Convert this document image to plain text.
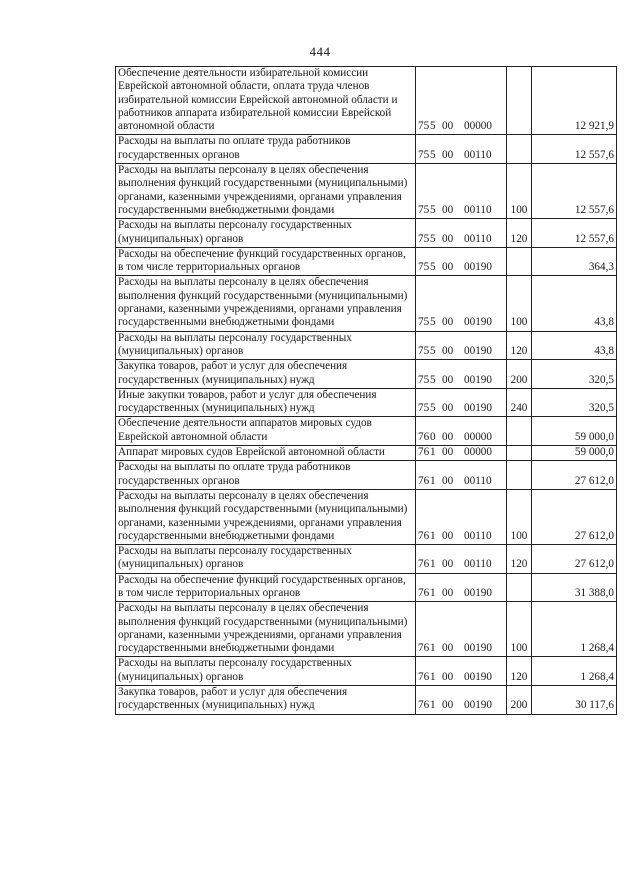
444
Обеспечение деятельности избирательной комиссии Еврейской автономной области, оплата труда членов избирательной комиссии Еврейской автономной области и работников аппарата избирательной комиссии Еврейской автономной области	755 00 00000		12 921,9
Расходы на выплаты по оплате труда работников государственных органов	755 00 00110		12 557,6
Расходы на выплаты персоналу в целях обеспечения выполнения функций государственными (муниципальными) органами, казенными учреждениями, органами управления государственными внебюджетными фондами	755 00 00110	100	12 557,6
Расходы на выплаты персоналу государственных (муниципальных) органов	755 00 00110	120	12 557,6
Расходы на обеспечение функций государственных органов, в том числе территориальных органов	755 00 00190		364,3
Расходы на выплаты персоналу в целях обеспечения выполнения функций государственными (муниципальными) органами, казенными учреждениями, органами управления государственными внебюджетными фондами	755 00 00190	100	43,8
Расходы на выплаты персоналу государственных (муниципальных) органов	755 00 00190	120	43,8
Закупка товаров, работ и услуг для обеспечения государственных (муниципальных) нужд	755 00 00190	200	320,5
Иные закупки товаров, работ и услуг для обеспечения государственных (муниципальных) нужд	755 00 00190	240	320,5
Обеспечение деятельности аппаратов мировых судов Еврейской автономной области	760 00 00000		59 000,0
Аппарат мировых судов Еврейской автономной области	761 00 00000		59 000,0
Расходы на выплаты по оплате труда работников государственных органов	761 00 00110		27 612,0
Расходы на выплаты персоналу в целях обеспечения выполнения функций государственными (муниципальными) органами, казенными учреждениями, органами управления государственными внебюджетными фондами	761 00 00110	100	27 612,0
Расходы на выплаты персоналу государственных (муниципальных) органов	761 00 00110	120	27 612,0
Расходы на обеспечение функций государственных органов, в том числе территориальных органов	761 00 00190		31 388,0
Расходы на выплаты персоналу в целях обеспечения выполнения функций государственными (муниципальными) органами, казенными учреждениями, органами управления государственными внебюджетными фондами	761 00 00190	100	1 268,4
Расходы на выплаты персоналу государственных (муниципальных) органов	761 00 00190	120	1 268,4
Закупка товаров, работ и услуг для обеспечения государственных (муниципальных) нужд	761 00 00190	200	30 117,6
